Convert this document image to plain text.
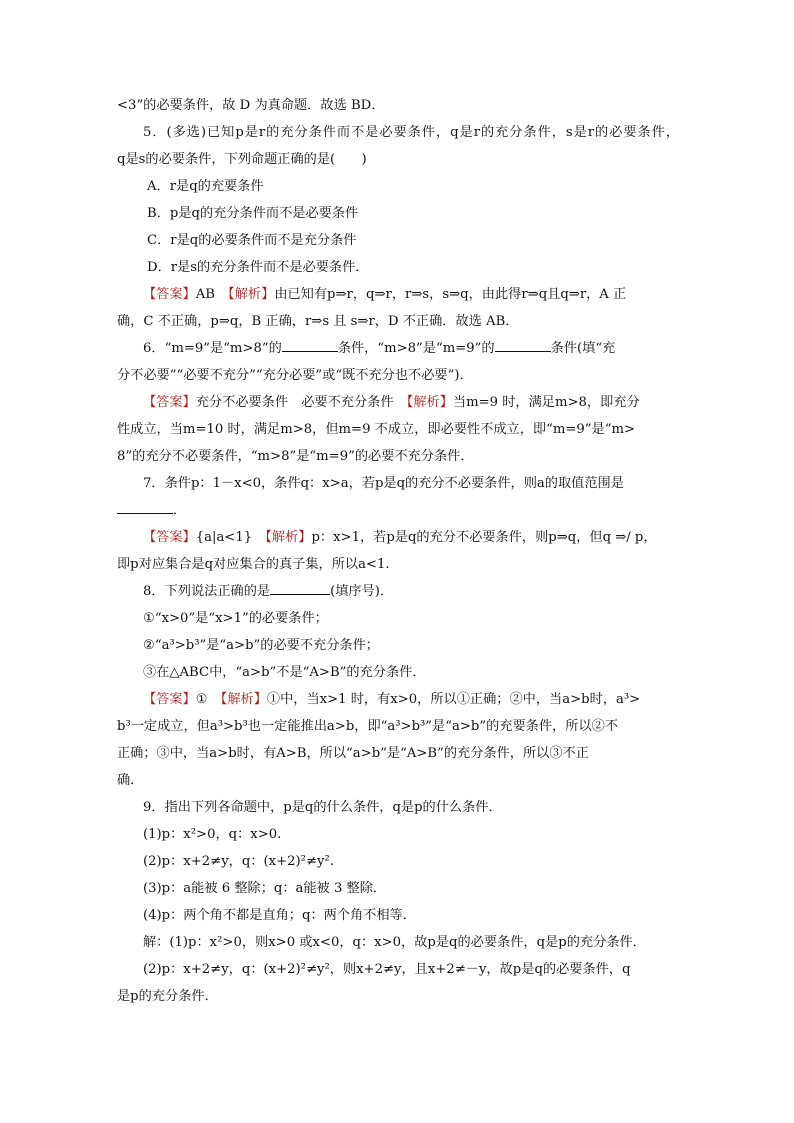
<3”的必要条件，故 D 为真命题．故选 BD．
5．(多选)已知p是r的充分条件而不是必要条件，q是r的充分条件，s是r的必要条件，
q是s的必要条件，下列命题正确的是(　　)
A．r是q的充要条件
B．p是q的充分条件而不是必要条件
C．r是q的必要条件而不是充分条件
D．r是s的充分条件而不是必要条件．
【答案】AB　【解析】由已知有p⇒r，q⇒r，r⇒s，s⇒q，由此得r⇒q且q⇒r，A 正
确，C 不正确，p⇒q，B 正确，r⇒s 且 s⇒r，D 不正确．故选 AB．
6．“m=9”是“m>8”的	条件，“m>8”是“m=9”的	条件(填“充
分不必要”“必要不充分”“充分必要”或“既不充分也不必要”)．
【答案】充分不必要条件　必要不充分条件　【解析】当m=9 时，满足m>8，即充分
性成立，当m=10 时，满足m>8，但m=9 不成立，即必要性不成立，即“m=9”是“m>
8”的充分不必要条件，“m>8”是“m=9”的必要不充分条件．
7．条件p：1－x<0，条件q：x>a，若p是q的充分不必要条件，则a的取值范围是
．
【答案】{a|a<1}　【解析】p：x>1，若p是q的充分不必要条件，则p⇒q，但q ⇒/ p，
即p对应集合是q对应集合的真子集，所以a<1.
8．下列说法正确的是	(填序号)．
①“x>0”是“x>1”的必要条件；
②“a³>b³”是“a>b”的必要不充分条件；
③在△ABC中，“a>b”不是“A>B”的充分条件．
【答案】①　【解析】①中，当x>1 时，有x>0，所以①正确；②中，当a>b时，a³>
b³一定成立，但a³>b³也一定能推出a>b，即“a³>b³”是“a>b”的充要条件，所以②不
正确；③中，当a>b时，有A>B，所以“a>b”是“A>B”的充分条件，所以③不正
确．
9．指出下列各命题中，p是q的什么条件，q是p的什么条件．
(1)p：x²>0，q：x>0.
(2)p：x+2≠y，q：(x+2)²≠y².
(3)p：a能被 6 整除；q：a能被 3 整除．
(4)p：两个角不都是直角；q：两个角不相等．
解：(1)p：x²>0，则x>0 或x<0，q：x>0，故p是q的必要条件，q是p的充分条件．
(2)p：x+2≠y，q：(x+2)²≠y²，则x+2≠y，且x+2≠－y，故p是q的必要条件，q
是p的充分条件．
